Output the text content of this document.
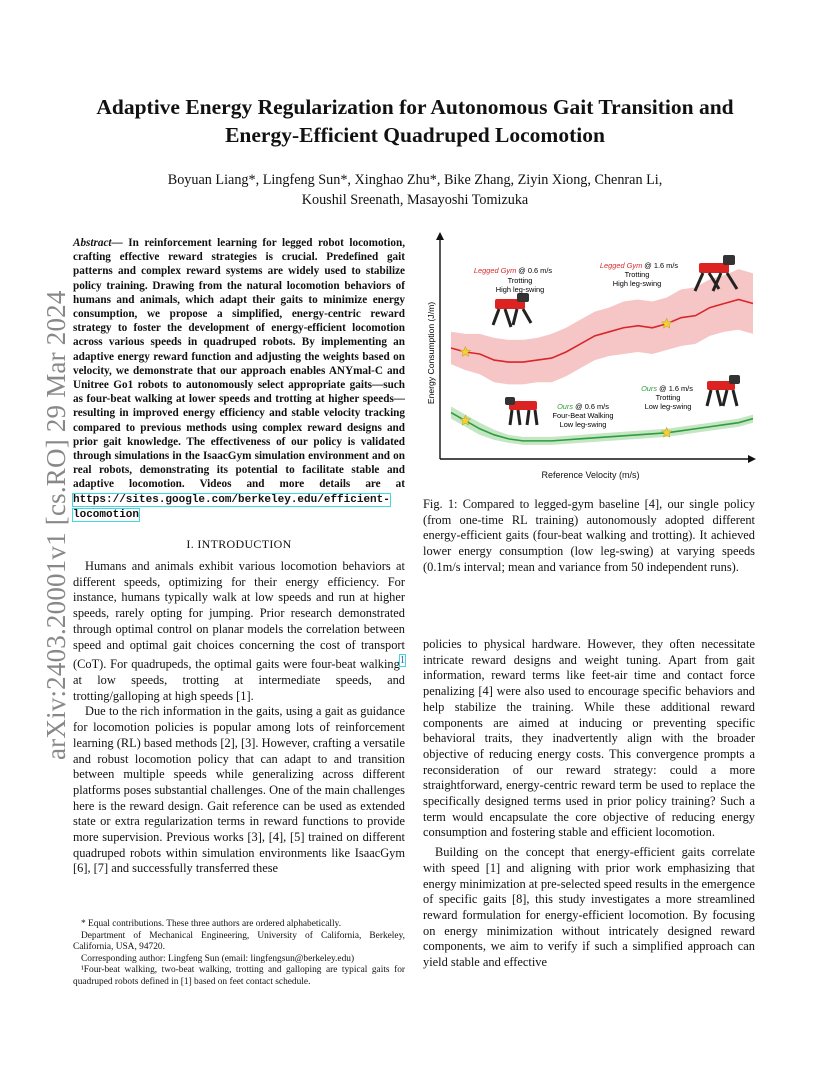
arXiv:2403.20001v1 [cs.RO] 29 Mar 2024
Adaptive Energy Regularization for Autonomous Gait Transition and Energy-Efficient Quadruped Locomotion
Boyuan Liang*, Lingfeng Sun*, Xinghao Zhu*, Bike Zhang, Ziyin Xiong, Chenran Li,
Koushil Sreenath, Masayoshi Tomizuka
Abstract— In reinforcement learning for legged robot locomotion, crafting effective reward strategies is crucial. Predefined gait patterns and complex reward systems are widely used to stabilize policy training. Drawing from the natural locomotion behaviors of humans and animals, which adapt their gaits to minimize energy consumption, we propose a simplified, energy-centric reward strategy to foster the development of energy-efficient locomotion across various speeds in quadruped robots. By implementing an adaptive energy reward function and adjusting the weights based on velocity, we demonstrate that our approach enables ANYmal-C and Unitree Go1 robots to autonomously select appropriate gaits—such as four-beat walking at lower speeds and trotting at higher speeds—resulting in improved energy efficiency and stable velocity tracking compared to previous methods using complex reward designs and prior gait knowledge. The effectiveness of our policy is validated through simulations in the IsaacGym simulation environment and on real robots, demonstrating its potential to facilitate stable and adaptive locomotion. Videos and more details are at https://sites.google.com/berkeley.edu/efficient-locomotion
I. INTRODUCTION

Humans and animals exhibit various locomotion behaviors at different speeds, optimizing for their energy efficiency. For instance, humans typically walk at low speeds and run at higher speeds, rarely opting for jumping. Prior research demonstrated through optimal control on planar models the correlation between speed and optimal gait choices concerning the cost of transport (CoT). For quadrupeds, the optimal gaits were four-beat walking$^1$ at low speeds, trotting at intermediate speeds, and trotting/galloping at high speeds [1].

Due to the rich information in the gaits, using a gait as guidance for locomotion policies is popular among lots of reinforcement learning (RL) based methods [2], [3]. However, crafting a versatile and robust locomotion policy that can adapt to and transition between multiple speeds while generalizing across different platforms poses substantial challenges. One of the main challenges here is the reward design. Gait reference can be used as extended state or extra regularization terms in reward functions to provide more supervision. Previous works [3], [4], [5] trained on different quadruped robots within simulation environments like IsaacGym [6], [7] and successfully transferred these

* Equal contributions. These three authors are ordered alphabetically.

Department of Mechanical Engineering, University of California, Berkeley, California, USA, 94720.

Corresponding author: Lingfeng Sun (email: lingfengsun@berkeley.edu)

¹Four-beat walking, two-beat walking, trotting and galloping are typical gaits for quadruped robots defined in [1] based on feet contact schedule.

Energy Consumption (J/m)
Legged Gym @ 0.6 m/s
Trotting
High leg-swing
Legged Gym @ 1.6 m/s
Trotting
High leg-swing
Ours @ 0.6 m/s
Four-Beat Walking
Low leg-swing
Ours @ 1.6 m/s
Trotting
Low leg-swing
Reference Velocity (m/s)
Fig. 1: Compared to legged-gym baseline [4], our single policy (from one-time RL training) autonomously adopted different energy-efficient gaits (four-beat walking and trotting). It achieved lower energy consumption (low leg-swing) at varying speeds (0.1m/s interval; mean and variance from 50 independent runs).

policies to physical hardware. However, they often necessitate intricate reward designs and weight tuning. Apart from gait information, reward terms like feet-air time and contact force penalizing [4] were also used to encourage specific behaviors and help stabilize the training. While these additional reward components are aimed at inducing or preventing specific behavioral traits, they inadvertently align with the broader objective of reducing energy costs. This convergence prompts a reconsideration of our reward strategy: could a more straightforward, energy-centric reward term be used to replace the specifically designed terms used in prior policy training? Such a term would encapsulate the core objective of reducing energy consumption and fostering stable and efficient locomotion.

Building on the concept that energy-efficient gaits correlate with speed [1] and aligning with prior work emphasizing that energy minimization at pre-selected speed results in the emergence of specific gaits [8], this study investigates a more streamlined reward formulation for energy-efficient locomotion. By focusing on energy minimization without intricately designed reward components, we aim to verify if such a simplified approach can yield stable and effective
